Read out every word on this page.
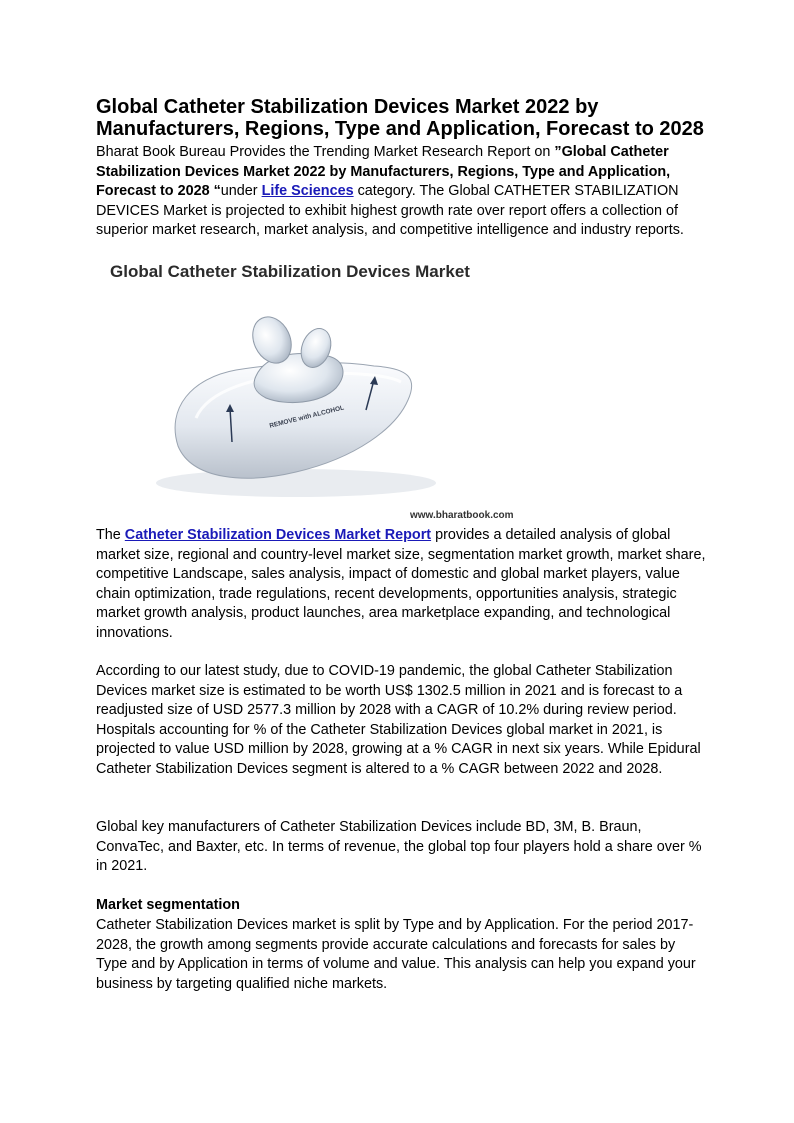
Global Catheter Stabilization Devices Market 2022 by Manufacturers, Regions, Type and Application, Forecast to 2028
Bharat Book Bureau Provides the Trending Market Research Report on ”Global Catheter Stabilization Devices Market 2022 by Manufacturers, Regions, Type and Application, Forecast to 2028 “under Life Sciences category. The Global CATHETER STABILIZATION DEVICES Market is projected to exhibit highest growth rate over report offers a collection of superior market research, market analysis, and competitive intelligence and industry reports.
Global Catheter Stabilization Devices Market
REMOVE with ALCOHOL
www.bharatbook.com
The Catheter Stabilization Devices Market Report provides a detailed analysis of global market size, regional and country-level market size, segmentation market growth, market share, competitive Landscape, sales analysis, impact of domestic and global market players, value chain optimization, trade regulations, recent developments, opportunities analysis, strategic market growth analysis, product launches, area marketplace expanding, and technological innovations.
According to our latest study, due to COVID-19 pandemic, the global Catheter Stabilization Devices market size is estimated to be worth US$ 1302.5 million in 2021 and is forecast to a readjusted size of USD 2577.3 million by 2028 with a CAGR of 10.2% during review period. Hospitals accounting for % of the Catheter Stabilization Devices global market in 2021, is projected to value USD million by 2028, growing at a % CAGR in next six years. While Epidural Catheter Stabilization Devices segment is altered to a % CAGR between 2022 and 2028.
Global key manufacturers of Catheter Stabilization Devices include BD, 3M, B. Braun, ConvaTec, and Baxter, etc. In terms of revenue, the global top four players hold a share over % in 2021.
Market segmentation
Catheter Stabilization Devices market is split by Type and by Application. For the period 2017-2028, the growth among segments provide accurate calculations and forecasts for sales by Type and by Application in terms of volume and value. This analysis can help you expand your business by targeting qualified niche markets.
